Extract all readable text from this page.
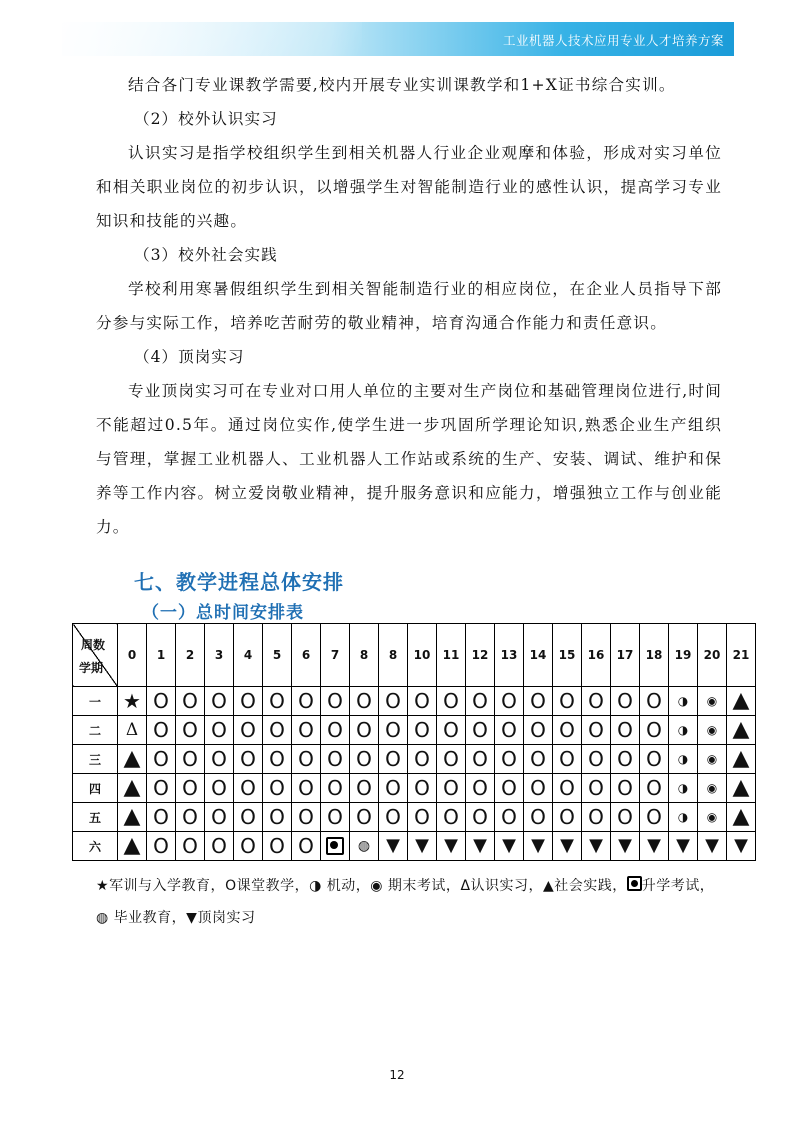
工业机器人技术应用专业人才培养方案

结合各门专业课教学需要,校内开展专业实训课教学和1+X证书综合实训。

（2）校外认识实习

认识实习是指学校组织学生到相关机器人行业企业观摩和体验，形成对实习单位和相关职业岗位的初步认识，以增强学生对智能制造行业的感性认识，提高学习专业知识和技能的兴趣。

（3）校外社会实践

学校利用寒暑假组织学生到相关智能制造行业的相应岗位，在企业人员指导下部分参与实际工作，培养吃苦耐劳的敬业精神，培育沟通合作能力和责任意识。

（4）顶岗实习

专业顶岗实习可在专业对口用人单位的主要对生产岗位和基础管理岗位进行,时间不能超过0.5年。通过岗位实作,使学生进一步巩固所学理论知识,熟悉企业生产组织与管理，掌握工业机器人、工业机器人工作站或系统的生产、安装、调试、维护和保养等工作内容。树立爱岗敬业精神，提升服务意识和应能力，增强独立工作与创业能力。

七、教学进程总体安排
（一）总时间安排表
周数
学期	0	1	2	3	4	5	6	7	8	8	10	11	12	13	14	15	16	17	18	19	20	21
一	★	O	O	O	O	O	O	O	O	O	O	O	O	O	O	O	O	O	O	◑	◉	▲
二	Δ	O	O	O	O	O	O	O	O	O	O	O	O	O	O	O	O	O	O	◑	◉	▲
三	▲	O	O	O	O	O	O	O	O	O	O	O	O	O	O	O	O	O	O	◑	◉	▲
四	▲	O	O	O	O	O	O	O	O	O	O	O	O	O	O	O	O	O	O	◑	◉	▲
五	▲	O	O	O	O	O	O	O	O	O	O	O	O	O	O	O	O	O	O	◑	◉	▲
六	▲	O	O	O	O	O	O		◍	▼	▼	▼	▼	▼	▼	▼	▼	▼	▼	▼	▼	▼
★军训与入学教育，O课堂教学，◑ 机动，◉ 期末考试，Δ认识实习，▲社会实践， 升学考试，◍ 毕业教育，▼顶岗实习
12
